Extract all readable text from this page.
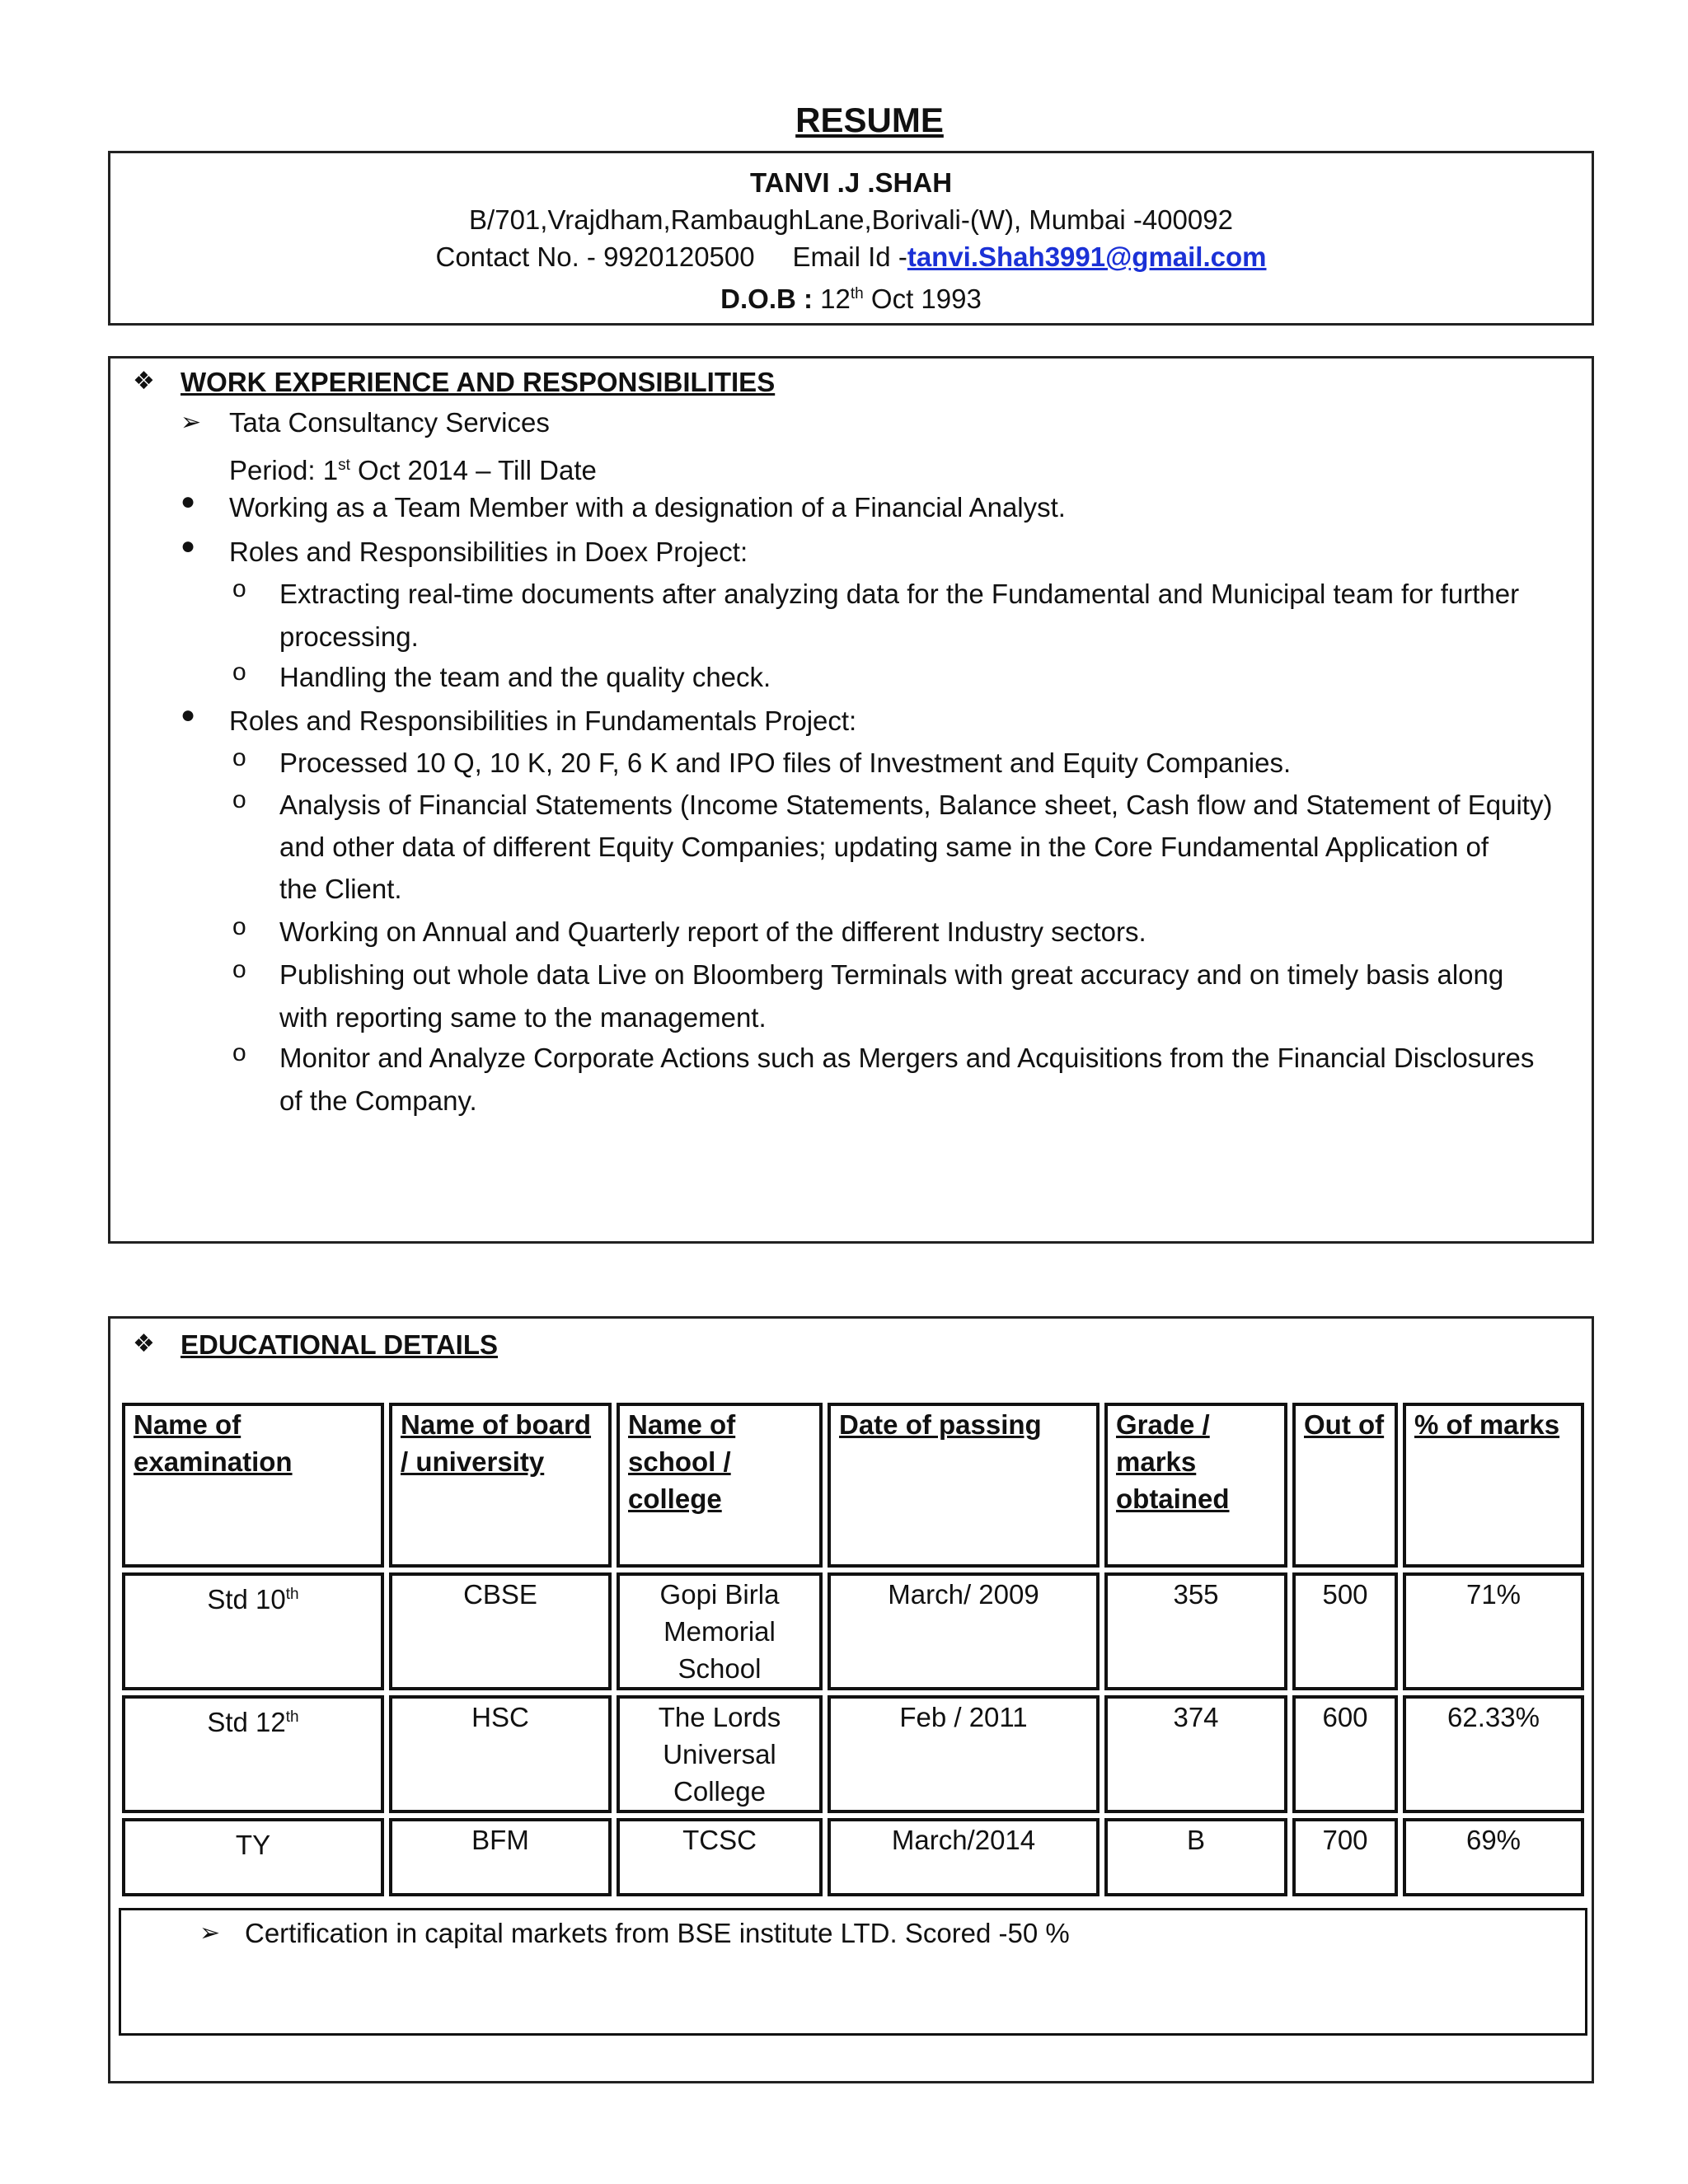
RESUME
TANVI .J .SHAH
B/701,Vrajdham,RambaughLane,Borivali-(W), Mumbai -400092
Contact No. - 9920120500 Email Id -tanvi.Shah3991@gmail.com
D.O.B : 12th Oct 1993
❖ WORK EXPERIENCE AND RESPONSIBILITIES
➢ Tata Consultancy Services
Period: 1st Oct 2014 – Till Date
● Working as a Team Member with a designation of a Financial Analyst.
● Roles and Responsibilities in Doex Project:
o Extracting real-time documents after analyzing data for the Fundamental and Municipal team for further
processing.
o Handling the team and the quality check.
● Roles and Responsibilities in Fundamentals Project:
o Processed 10 Q, 10 K, 20 F, 6 K and IPO files of Investment and Equity Companies.
o Analysis of Financial Statements (Income Statements, Balance sheet, Cash flow and Statement of Equity)
and other data of different Equity Companies; updating same in the Core Fundamental Application of
the Client.
o Working on Annual and Quarterly report of the different Industry sectors.
o Publishing out whole data Live on Bloomberg Terminals with great accuracy and on timely basis along
with reporting same to the management.
o Monitor and Analyze Corporate Actions such as Mergers and Acquisitions from the Financial Disclosures
of the Company.
❖ EDUCATIONAL DETAILS
Name of examination	Name of board / university	Name of school / college	Date of passing	Grade / marks obtained	Out of	% of marks
Std 10th	CBSE	Gopi Birla Memorial School	March/ 2009	355	500	71%
Std 12th	HSC	The Lords Universal College	Feb / 2011	374	600	62.33%
TY	BFM	TCSC	March/2014	B	700	69%
➢ Certification in capital markets from BSE institute LTD. Scored -50 %
